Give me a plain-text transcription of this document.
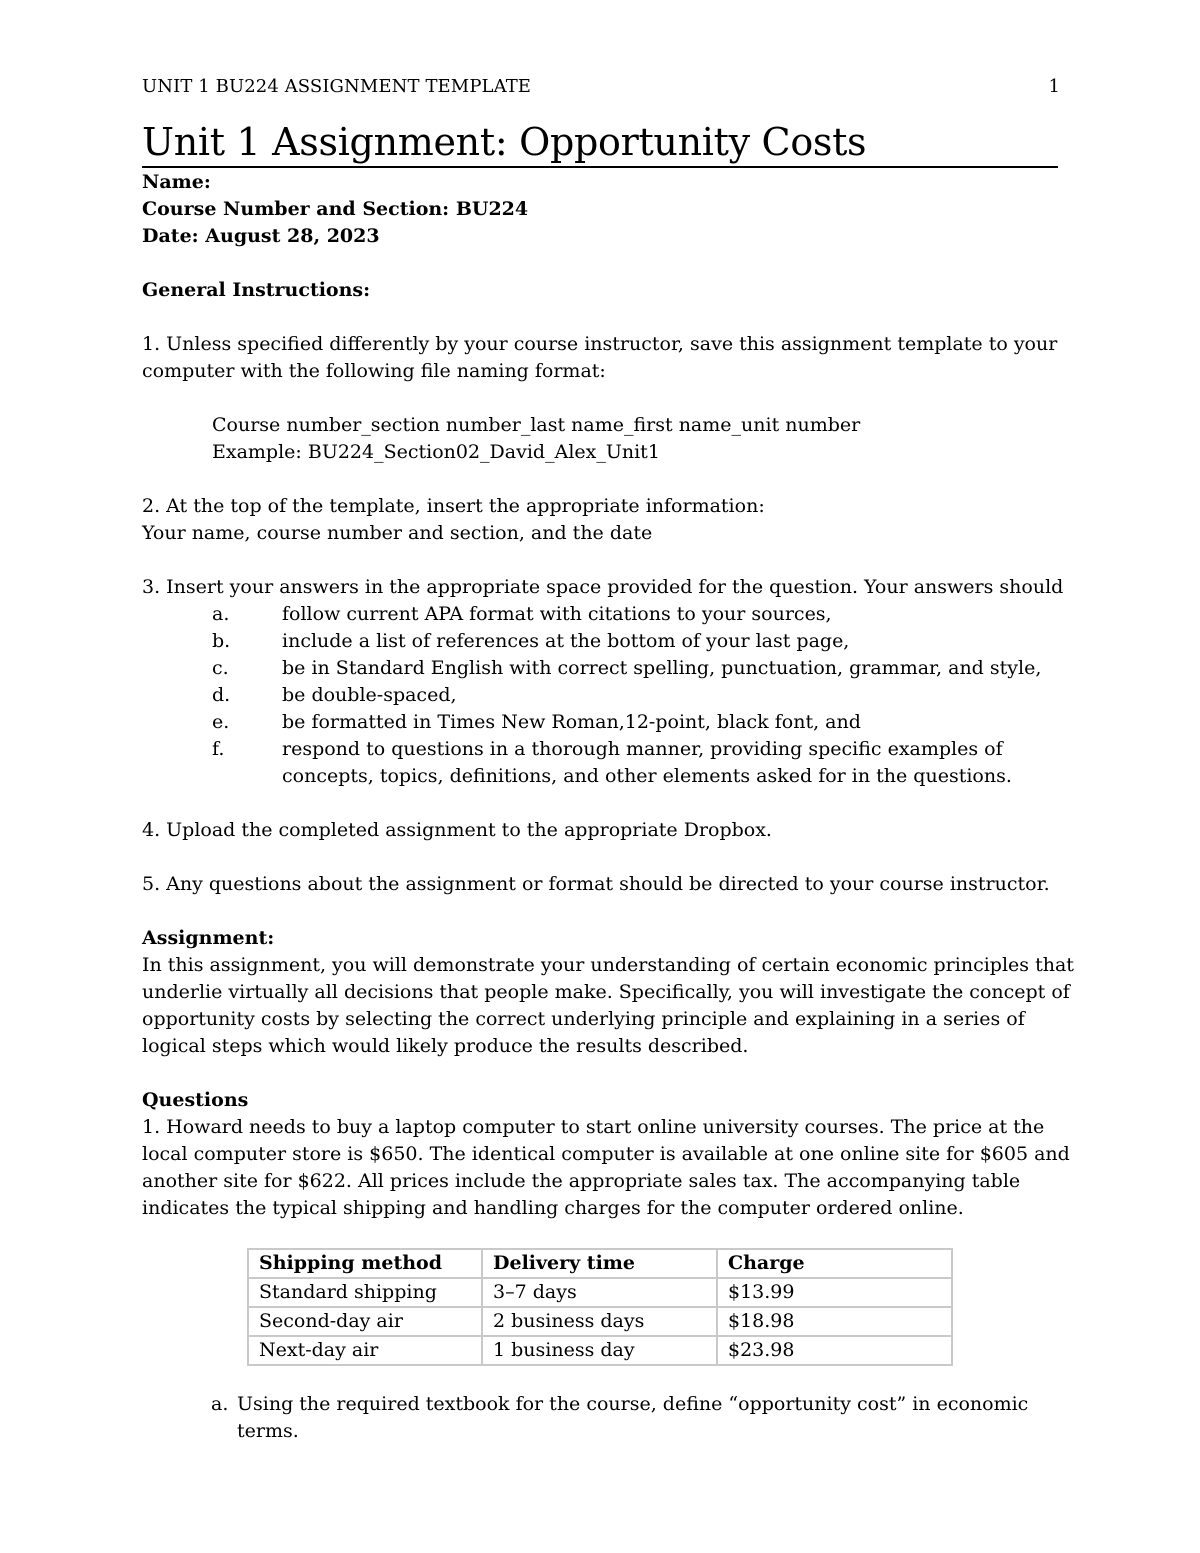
UNIT 1 BU224 ASSIGNMENT TEMPLATE	1
Unit 1 Assignment: Opportunity Costs
Name:
Course Number and Section: BU224
Date: August 28, 2023
General Instructions:
1. Unless specified differently by your course instructor, save this assignment template to your
computer with the following file naming format:
Course number_section number_last name_first name_unit number
Example: BU224_Section02_David_Alex_Unit1
2. At the top of the template, insert the appropriate information:
Your name, course number and section, and the date
3. Insert your answers in the appropriate space provided for the question. Your answers should
a.	follow current APA format with citations to your sources,
b.	include a list of references at the bottom of your last page,
c.	be in Standard English with correct spelling, punctuation, grammar, and style,
d.	be double-spaced,
e.	be formatted in Times New Roman,12-point, black font, and
f.	respond to questions in a thorough manner, providing specific examples of
concepts, topics, definitions, and other elements asked for in the questions.
4. Upload the completed assignment to the appropriate Dropbox.
5. Any questions about the assignment or format should be directed to your course instructor.
Assignment:
In this assignment, you will demonstrate your understanding of certain economic principles that
underlie virtually all decisions that people make. Specifically, you will investigate the concept of
opportunity costs by selecting the correct underlying principle and explaining in a series of
logical steps which would likely produce the results described.
Questions
1. Howard needs to buy a laptop computer to start online university courses. The price at the
local computer store is $650. The identical computer is available at one online site for $605 and
another site for $622. All prices include the appropriate sales tax. The accompanying table
indicates the typical shipping and handling charges for the computer ordered online.
Shipping method	Delivery time	Charge
Standard shipping	3–7 days	$13.99
Second-day air	2 business days	$18.98
Next-day air	1 business day	$23.98
a. Using the required textbook for the course, define “opportunity cost” in economic
terms.
